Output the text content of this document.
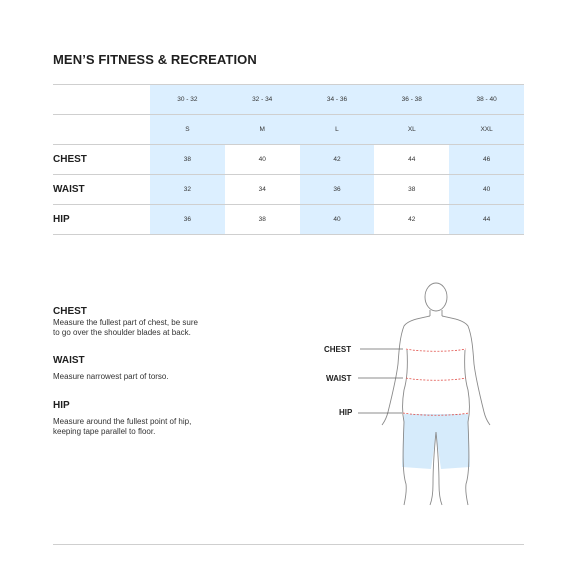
MEN’S FITNESS & RECREATION
	30 - 32	32 - 34	34 - 36	36 - 38	38 - 40
	S	M	L	XL	XXL
CHEST	38	40	42	44	46
WAIST	32	34	36	38	40
HIP	36	38	40	42	44
CHEST
Measure the fullest part of chest, be sure
to go over the shoulder blades at back.
WAIST
Measure narrowest part of torso.
HIP
Measure around the fullest point of hip,
keeping tape parallel to floor.
CHEST
WAIST
HIP
